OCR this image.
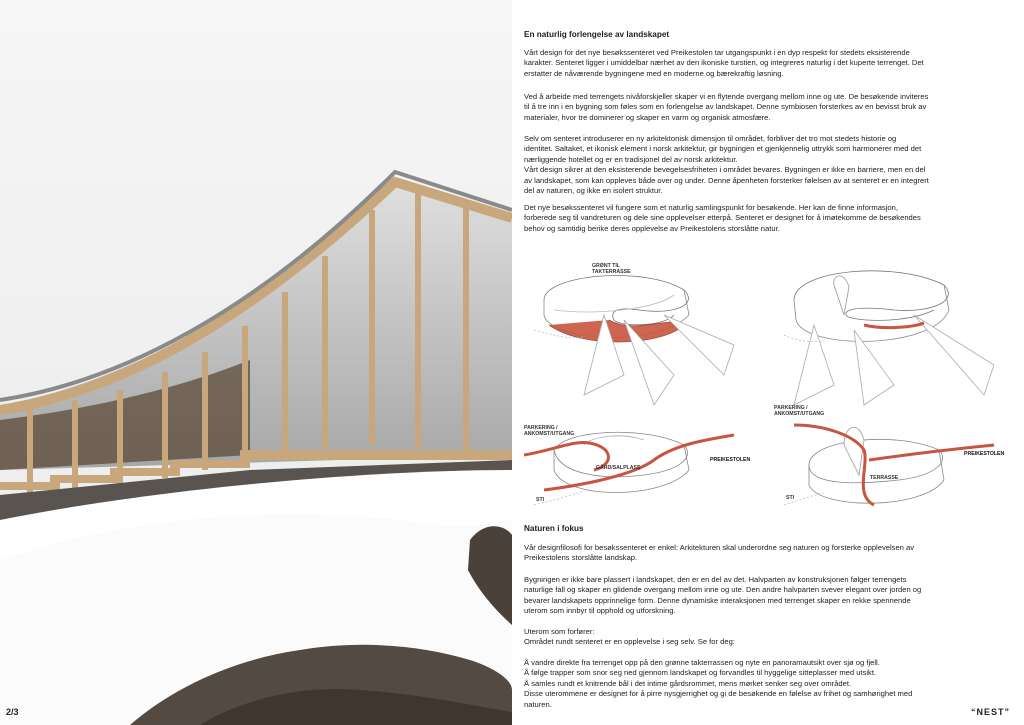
2/3
En naturlig forlengelse av landskapet

Vårt design for det nye besøkssenteret ved Preikestolen tar utgangspunkt i en dyp respekt for stedets eksisterende
karakter. Senteret ligger i umiddelbar nærhet av den ikoniske turstien, og integreres naturlig i det kuperte terrenget. Det
erstatter de nåværende bygningene med en moderne og bærekraftig løsning.

Ved å arbeide med terrengets nivåforskjeller skaper vi en flytende overgang mellom inne og ute. De besøkende inviteres
til å tre inn i en bygning som føles som en forlengelse av landskapet. Denne symbiosen forsterkes av en bevisst bruk av
materialer, hvor tre dominerer og skaper en varm og organisk atmosfære.

Selv om senteret introduserer en ny arkitektonisk dimensjon til området, forbliver det tro mot stedets historie og
identitet. Saltaket, et ikonisk element i norsk arkitektur, gir bygningen et gjenkjennelig uttrykk som harmonerer med det
nærliggende hotellet og er en tradisjonel del av norsk arkitektur.
Vårt design sikrer at den eksisterende bevegelsesfriheten i området bevares. Bygningen er ikke en barriere, men en del
av landskapet, som kan oppleves både over og under. Denne åpenheten forsterker følelsen av at senteret er en integrert
del av naturen, og ikke en isolert struktur.

Det nye besøkssenteret vil fungere som et naturlig samlingspunkt for besøkende. Her kan de finne informasjon,
forberede seg til vandreturen og dele sine opplevelser etterpå. Senteret er designet for å imøtekomme de besøkendes
behov og samtidig berike deres opplevelse av Preikestolens storslåtte natur.

GRØNT TIL
TAKTERRASSE
PARKERING /
ANKOMST/UTGANG
GÅRD/SALPLASS
PREIKESTOLEN
STI
PARKERING /
ANKOMST/UTGANG
PREIKESTOLEN
TERRASSE
STI
Naturen i fokus

Vår designfilosofi for besøkssenteret er enkel: Arkitekturen skal underordne seg naturen og forsterke opplevelsen av
Preikestolens storslåtte landskap.

Bygningen er ikke bare plassert i landskapet, den er en del av det. Halvparten av konstruksjonen følger terrengets
naturlige fall og skaper en glidende overgang mellom inne og ute. Den andre halvparten svever elegant over jorden og
bevarer landskapets opprinnelige form. Denne dynamiske interaksjonen med terrenget skaper en rekke spennende
uterom som innbyr til opphold og utforskning.

Uterom som forfører:
Området rundt senteret er en opplevelse i seg selv. Se for deg:

Å vandre direkte fra terrenget opp på den grønne takterrassen og nyte en panoramautsikt over sjø og fjell.
Å følge trapper som snor seg ned gjennom landskapet og forvandles til hyggelige sitteplasser med utsikt.
Å samles rundt et knitrende bål i det intime gårdsrommet, mens mørket senker seg over området.
Disse uterommene er designet for å pirre nysgjerrighet og gi de besøkende en følelse av frihet og samhørighet med
naturen.

“NEST”
